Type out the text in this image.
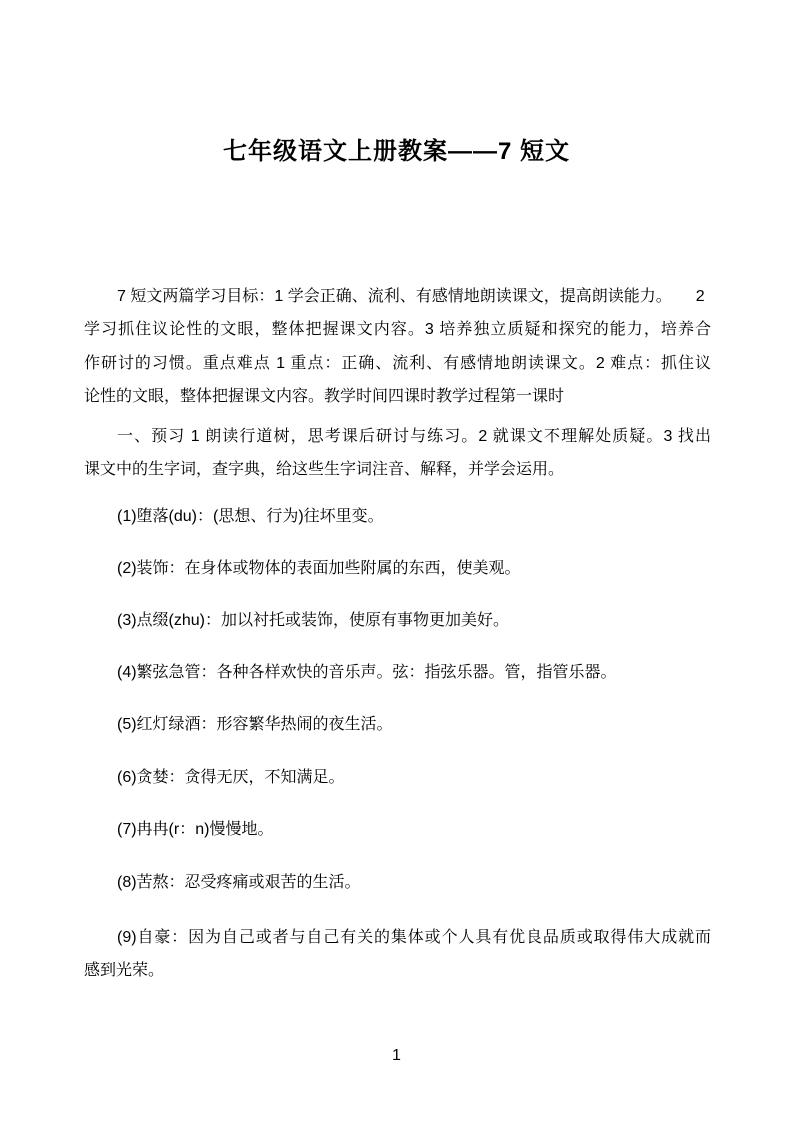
七年级语文上册教案——7 短文
7 短文两篇学习目标：1 学会正确、流利、有感情地朗读课文，提高朗读能力。　　2
学习抓住议论性的文眼，整体把握课文内容。3 培养独立质疑和探究的能力，培养合
作研讨的习惯。重点难点 1 重点：正确、流利、有感情地朗读课文。2 难点：抓住议
论性的文眼，整体把握课文内容。教学时间四课时教学过程第一课时
一、预习 1 朗读行道树，思考课后研讨与练习。2 就课文不理解处质疑。3 找出
课文中的生字词，查字典，给这些生字词注音、解释，并学会运用。
(1)堕落(du)：(思想、行为)往坏里变。
(2)装饰：在身体或物体的表面加些附属的东西，使美观。
(3)点缀(zhu)：加以衬托或装饰，使原有事物更加美好。
(4)繁弦急管：各种各样欢快的音乐声。弦：指弦乐器。管，指管乐器。
(5)红灯绿酒：形容繁华热闹的夜生活。
(6)贪婪：贪得无厌，不知满足。
(7)冉冉(r：n)慢慢地。
(8)苦熬：忍受疼痛或艰苦的生活。
(9)自豪：因为自己或者与自己有关的集体或个人具有优良品质或取得伟大成就而
感到光荣。
1
